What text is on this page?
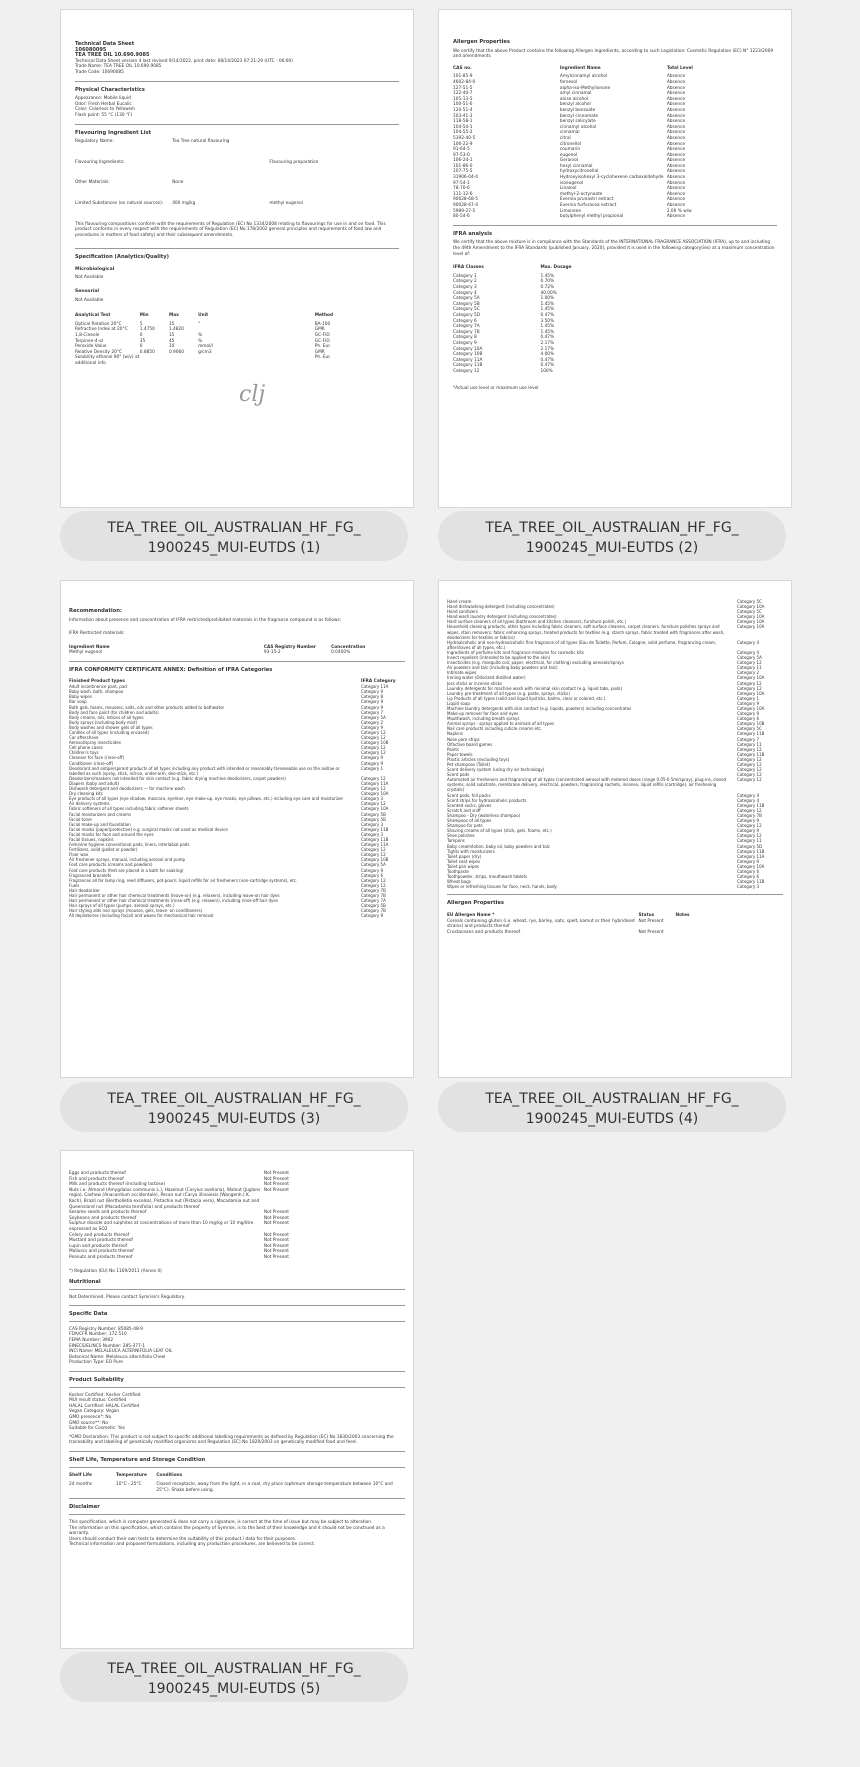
Technical Data Sheet
106080095
TEA TREE OIL 10.690.9085
Technical Data Sheet version 4 last revised 9/14/2022, print date: 08/14/2023 07:21:29 (UTC - 06:00)
Trade Name: TEA TREE OIL 10.690.9085
Trade Code: 10690085
Physical Characteristics
Appearance: Mobile liquid
Odor: Fresh Herbal Eucalic
Color: Colorless to Yellowish
Flash point: 55 °C (130 °F)
Flavouring Ingredient List
Regulatory Name:	Tea Tree natural flavouring
Flavouring Ingredients:	Flavouring preparation
Other Materials:	None
Limited Substances (on natural sources):	400 mg/kg	methyl eugenol
This flavouring compositions conform with the requirements of Regulation (EC) No 1334/2008 relating to flavourings for use in and on food. This product conforms in every respect with the requirements of Regulation (EC) No 178/2002 general principles and requirements of food law and procedures in matters of food safety) and their subsequent amendments.
Specification (Analytics/Quality)
Microbiological
Not Available
Sensorial
Not Available
Analytical Test	Min	Max	Unit	Method
Optical Rotation 20°C	5	15	°	BA-100
Refractive Index at 20°C	1.4750	1.4820	GMR
1,8-Cineole	0	15	%	GC-FID
Terpinen-4-ol	35	45	%	GC-FID
Peroxide Value	0	10	mmol/l	Ph. Eur.
Relative Density 20°C	0.8850	0.9060	g/cm3	GMR
Solubility ethanol 90° (w/v) at additional info
Ph. Eur.
clj
TEA_TREE_OIL_AUSTRALIAN_HF_FG_
1900245_MUI-EUTDS (1)
Allergen Properties
We certify that the above Product contains the following Allergen Ingredients, according to such Legislation: Cosmetic Regulation (EC) N° 1223/2009 and amendments
CAS no.	Ingredient Name	Total Level
101-85-9	Amylcinnamyl alcohol	Absence
4602-84-0	farnesol	Absence
127-51-5	alpha-iso-Methylionone	Absence
122-40-7	amyl cinnamal	Absence
105-13-5	anise alcohol	Absence
100-51-6	benzyl alcohol	Absence
120-51-4	benzyl benzoate	Absence
103-41-3	benzyl cinnamate	Absence
118-58-1	benzyl salicylate	Absence
104-54-1	cinnamyl alcohol	Absence
104-55-2	cinnamal	Absence
5392-40-5	citral	Absence
106-22-9	citronellol	Absence
91-64-5	coumarin	Absence
97-53-0	eugenol	Absence
106-24-1	Geraniol	Absence
101-86-0	hexyl cinnamal	Absence
107-75-5	hydroxycitronellal	Absence
31906-04-4	Hydroxyisohexyl 3-cyclohexene carboxaldehyde Absence
97-54-1	isoeugenol	Absence
78-70-6	Linalool	Absence
111-12-6	methyl-2-octynoate	Absence
90028-68-5	Evernia prunastri extract	Absence
90028-67-4	Evernia furfuracea extract	Absence
5989-27-5	Limonene	2.00 % w/w
80-54-6	butylphenyl methyl propional	Absence
IFRA analysis
We certify that the above mixture is in compliance with the Standards of the INTERNATIONAL FRAGRANCE ASSOCIATION (IFRA), up to and including the 49th Amendment to the IFRA Standards (published January, 2020), provided it is used in the following category(ies) at a maximum concentration level of:
IFRA Classes	Max. Dosage
Category 1	1.45%
Category 2	0.70%
Category 3	0.72%
Category 4	40.00%
Category 5A	1.00%
Category 5B	1.45%
Category 5C	1.45%
Category 5D	0.47%
Category 6	3.50%
Category 7A	1.45%
Category 7B	1.45%
Category 8	0.47%
Category 9	2.17%
Category 10A	2.17%
Category 10B	4.00%
Category 11A	0.47%
Category 11B	0.47%
Category 12	100%
*Actual use level or maximum use level
TEA_TREE_OIL_AUSTRALIAN_HF_FG_
1900245_MUI-EUTDS (2)
Recommendation:
Information about presence and concentration of IFRA restricted/prohibited materials in the fragrance compound is as follows:
IFRA Restricted materials:
Ingredient Name	CAS Registry Number	Concentration
Methyl eugenol	93-15-2	0.0400%
IFRA CONFORMITY CERTIFICATE ANNEX: Definition of IFRA Categories
Finished Product types	IFRA Category
Adult incontinence pant, pad	Category 11A
Baby wash, bath, shampoo	Category 9
Baby wipes	Category 8
Bar soap	Category 9
Bath gels, foams, mousses, salts, oils and other products added to bathwater	Category 9
Body and face paint (for children and adults)	Category 7
Body creams, oils, lotions of all types	Category 5A
Body sprays (including body mist)	Category 2
Body washes and shower gels of all types	Category 9
Candles of all types (including encased)	Category 12
Car aftershave	Category 12
Aerosol/spray insecticides	Category 10B
Cell phone cases	Category 12
Children's toys	Category 12
Cleanser for face (rinse-off)	Category 9
Conditioner (rinse-off)	Category 9
Deodorant and antiperspirant products of all types including any product with intended or reasonably foreseeable use on the axillae or labelled as such (spray, stick, roll-on, under-arm, deo-stick, etc.)
Category 1
Deodorizers/maskers not intended for skin contact (e.g. fabric drying machine deodorizers, carpet powders)	Category 12
Diapers (baby and adult)	Category 11A
Dishwash detergent and deodorizers — for machine wash	Category 12
Dry cleaning kits	Category 10A
Eye products of all types (eye shadow, mascara, eyeliner, eye make-up, eye masks, eye pillows, etc.) including eye care and moisturizer	Category 3
Air delivery systems	Category 12
Fabric softeners of all types including fabric softener sheets	Category 10A
Facial moisturizers and creams	Category 5B
Facial toner	Category 5B
Facial make-up and foundation	Category 3
Facial masks (paper/protective) e.g. surgical masks not used as medical device	Category 11B
Facial masks for face and around the eyes	Category 3
Facial tissues, napkins	Category 11B
Feminine hygiene conventional pads, liners, interlabial pads	Category 11A
Fertilizers, solid (pellet or powder)	Category 12
Floor wax	Category 12
Air freshener sprays, manual, including aerosol and pump	Category 10B
Foot care products (creams and powders)	Category 5A
Foot care products (feet are placed in a bath for soaking)	Category 9
Fragranced bracelets	Category 6
Fragrances all for lamp ring, reed diffusers, pot-pourri, liquid refills for air fresheners (non-cartridge systems), etc.	Category 12
Fuels	Category 12
Hair deodorizer	Category 7B
Hair permanent or other hair chemical treatments (leave-on) (e.g. relaxers), including leave-on hair dyes	Category 7B
Hair permanent or other hair chemical treatments (rinse-off) (e.g. relaxers), including rinse-off hair dyes	Category 7A
Hair sprays of all types (pumps, aerosol sprays, etc.)	Category 5B
Hair styling aids non sprays (mousse, gels, leave- on conditioners)	Category 7B
All depilatories (including facial) and waxes for mechanical hair removal	Category 9
TEA_TREE_OIL_AUSTRALIAN_HF_FG_
1900245_MUI-EUTDS (3)
Hand cream	Category 5C
Hand dishwashing detergent (including concentrates)	Category 10A
Hand sanitizers	Category 5C
Hand wash laundry detergent (including concentrates)	Category 10A
Hard surface cleaners of all types (bathroom and kitchen cleansers, furniture polish, etc.)	Category 10A
Household cleaning products, other types including fabric cleaners, soft surface cleaners, carpet cleaners, furniture polishes sprays and wipes, stain removers, fabric enhancing sprays, treated products for textiles (e.g. starch sprays, fabric treated with fragrances after wash, deodorizers for textiles or fabrics)
Category 10A
Hydroalcoholic and non-hydroalcoholic fine fragrance of all types (Eau de Toilette, Parfum, Cologne, solid perfume, fragrancing cream, aftershaves of all types, etc.)
Category 4
Ingredients of perfume kits and fragrance mixtures for cosmetic kits	Category 4
Insect repellent (intended to be applied to the skin)	Category 5A
Insecticides (e.g. mosquito coil, paper, electrical, for clothing) excluding aerosols/sprays	Category 12
Air powders and talc (including baby powders and talc)	Category 11
Intimate wipes	Category 2
Ironing water (Odorized distilled water)	Category 10A
Joss sticks or incense sticks	Category 12
Laundry detergents for machine wash with minimal skin contact (e.g. liquid tabs, pods)	Category 12
Laundry pre-treatment of all types (e.g. paste, sprays, sticks)	Category 10A
Lip Products of all types (solid and liquid lipsticks, balms, clear or colored, etc.)	Category 1
Liquid soap	Category 9
Machine laundry detergents with skin contact (e.g. liquids, powders) including concentrates	Category 10A
Make-up remover for face and eyes	Category 9
Mouthwash, including breath sprays	Category 6
Animal sprays - sprays applied to animals of all types	Category 10B
Nail care products including cuticle creams etc.	Category 5C
Napkins	Category 11B
Nose pore strips	Category 7
Olfactive board games	Category 11
Paints	Category 12
Paper towels	Category 11B
Plastic articles (excluding toys)	Category 12
Pet shampoos (Toilet)	Category 12
Scent delivery system (using dry air technology)	Category 12
Scent pads	Category 12
Automated air fresheners and fragrancing of all types (concentrated aerosol with metered doses (range 0.05-0.5ml/spray), plug-ins, closed systems, solid substrate, membrane delivery, electrical, powders, fragrancing sachets, incense, liquid refills (cartridge), air freshening crystals)
Category 12
Scent pods, foil packs	Category 4
Scent strips for hydroalcoholic products	Category 4
Scented socks, gloves	Category 11B
Scratch and sniff	Category 12
Shampoo - Dry (waterless shampoo)	Category 7B
Shampoos of all types	Category 9
Shampoo for pets	Category 12
Shaving creams of all types (stick, gels, foams, etc.)	Category 9
Shoe polishes	Category 12
Tampons	Category 11
Baby cream/lotion, baby oil, baby powders and talc	Category 5D
Tights with moisturizers	Category 11B
Toilet paper (dry)	Category 11A
Toilet seat wipes	Category 9
Toilet pan wipes	Category 10A
Toothpaste	Category 6
Toothpowder, strips, mouthwash tablets	Category 6
Wheat bags	Category 11B
Wipes or refreshing tissues for face, neck, hands, body	Category 3
Allergen Properties
EU Allergen Name *	Status	Notes
Cereals containing gluten (i.e. wheat, rye, barley, oats, spelt, kamut or their hybridised strains) and products thereof
Not Present
Crustaceans and products thereof	Not Present
TEA_TREE_OIL_AUSTRALIAN_HF_FG_
1900245_MUI-EUTDS (4)
Eggs and products thereof	Not Present
Fish and products thereof	Not Present
Milk and products thereof (including lactose)	Not Present
Nuts i.e. Almond (Amygdalus communis L.), Hazelnut (Corylus avellana), Walnut (Juglans regia), Cashew (Anacardium occidentale), Pecan nut (Carya illinoiesis (Wangenh.) K. Koch), Brazil nut (Bertholletia excelsa), Pistachio nut (Pistacia vera), Macadamia nut and Queensland nut (Macadamia ternifolia) and products thereof
Not Present
Sesame seeds and products thereof	Not Present
Soybeans and products thereof	Not Present
Sulphur dioxide and sulphites at concentrations of more than 10 mg/kg or 10 mg/litre expressed as SO2
Not Present
Celery and products thereof	Not Present
Mustard and products thereof	Not Present
Lupin and products thereof	Not Present
Molluscs and products thereof	Not Present
Peanuts and products thereof	Not Present
*) Regulation (EU) No 1169/2011 (Annex II)
Nutritional
Not Determined. Please contact Symrise's Regulatory.
Specific Data
CAS Registry Number: 85085-48-9
FDA/CFR Number: 172.510
FEMA Number: 3902
EINECS/ELINCS Number: 285-377-1
INCI Name: MELALEUCA ALTERNIFOLIA LEAF OIL
Botanical Name: Melaleuca alternifolia Cheel
Production Type: EO Pure
Product Suitability
Kosher Certified: Kosher Certified
MUI result status: Certified
HALAL Certified: HALAL Certified
Vegan Category: Vegan
GMO presence*: No
GMO source**: No
Suitable for Cosmetic: Yes
*GMO Declaration: This product is not subject to specific additional labelling requirements as defined by Regulation (EC) No 1830/2003 concerning the traceability and labelling of genetically modified organisms and Regulation (EC) No 1829/2003 on genetically modified food and feed.
Shelf Life, Temperature and Storage Condition
Shelf Life	Temperature	Conditions
24 months	10°C - 25°C	Closed receptacle, away from the light, in a cool, dry place (optimum storage temperature between 10°C and 25°C). Shake before using.
Disclaimer
This specification, which is computer generated & does not carry a signature, is correct at the time of issue but may be subject to alteration.
The information on this specification, which contains the property of Symrise, is to the best of their knowledge and it should not be construed as a warranty.
Users should conduct their own tests to determine the suitability of this product / data for their purposes.
Technical information and proposed formulations, including any production procedures, are believed to be correct.
TEA_TREE_OIL_AUSTRALIAN_HF_FG_
1900245_MUI-EUTDS (5)
